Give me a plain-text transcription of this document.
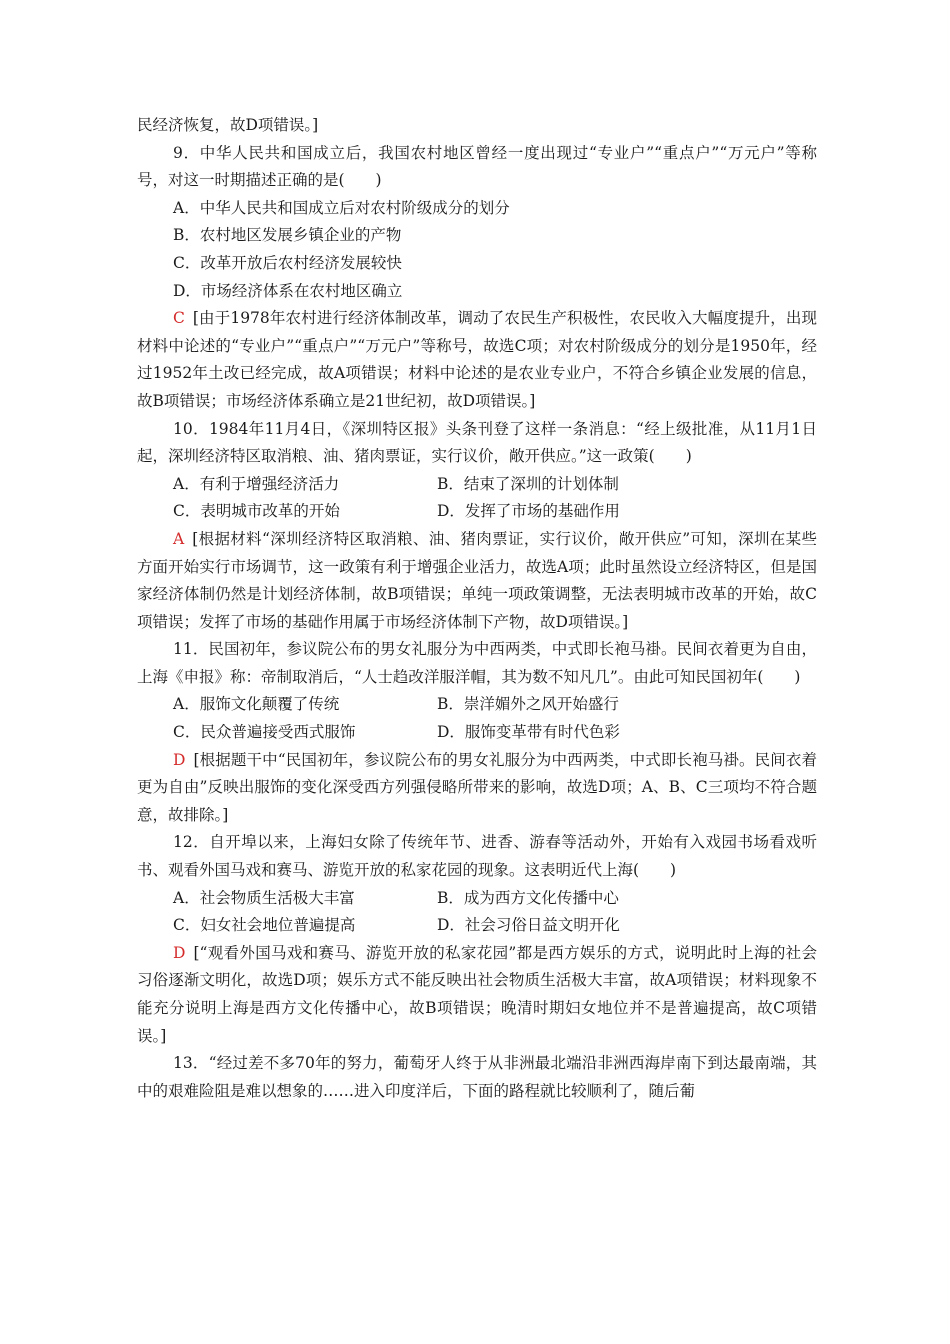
民经济恢复，故D项错误。]

9．中华人民共和国成立后，我国农村地区曾经一度出现过“专业户”“重点户”“万元户”等称号，对这一时期描述正确的是(　　)

A．中华人民共和国成立后对农村阶级成分的划分
B．农村地区发展乡镇企业的产物
C．改革开放后农村经济发展较快
D．市场经济体系在农村地区确立

C [由于1978年农村进行经济体制改革，调动了农民生产积极性，农民收入大幅度提升，出现材料中论述的“专业户”“重点户”“万元户”等称号，故选C项；对农村阶级成分的划分是1950年，经过1952年土改已经完成，故A项错误；材料中论述的是农业专业户，不符合乡镇企业发展的信息，故B项错误；市场经济体系确立是21世纪初，故D项错误。]

10．1984年11月4日，《深圳特区报》头条刊登了这样一条消息：“经上级批准，从11月1日起，深圳经济特区取消粮、油、猪肉票证，实行议价，敞开供应。”这一政策(　　)

A．有利于增强经济活力	B．结束了深圳的计划体制
C．表明城市改革的开始	D．发挥了市场的基础作用

A [根据材料“深圳经济特区取消粮、油、猪肉票证，实行议价，敞开供应”可知，深圳在某些方面开始实行市场调节，这一政策有利于增强企业活力，故选A项；此时虽然设立经济特区，但是国家经济体制仍然是计划经济体制，故B项错误；单纯一项政策调整，无法表明城市改革的开始，故C项错误；发挥了市场的基础作用属于市场经济体制下产物，故D项错误。]

11．民国初年，参议院公布的男女礼服分为中西两类，中式即长袍马褂。民间衣着更为自由，上海《申报》称：帝制取消后，“人士趋改洋服洋帽，其为数不知凡几”。由此可知民国初年(　　)

A．服饰文化颠覆了传统	B．崇洋媚外之风开始盛行
C．民众普遍接受西式服饰	D．服饰变革带有时代色彩

D [根据题干中“民国初年，参议院公布的男女礼服分为中西两类，中式即长袍马褂。民间衣着更为自由”反映出服饰的变化深受西方列强侵略所带来的影响，故选D项；A、B、C三项均不符合题意，故排除。]

12．自开埠以来，上海妇女除了传统年节、进香、游春等活动外，开始有入戏园书场看戏听书、观看外国马戏和赛马、游览开放的私家花园的现象。这表明近代上海(　　)

A．社会物质生活极大丰富	B．成为西方文化传播中心
C．妇女社会地位普遍提高	D．社会习俗日益文明开化

D [“观看外国马戏和赛马、游览开放的私家花园”都是西方娱乐的方式，说明此时上海的社会习俗逐渐文明化，故选D项；娱乐方式不能反映出社会物质生活极大丰富，故A项错误；材料现象不能充分说明上海是西方文化传播中心，故B项错误；晚清时期妇女地位并不是普遍提高，故C项错误。]

13．“经过差不多70年的努力，葡萄牙人终于从非洲最北端沿非洲西海岸南下到达最南端，其中的艰难险阻是难以想象的……进入印度洋后，下面的路程就比较顺利了，随后葡
